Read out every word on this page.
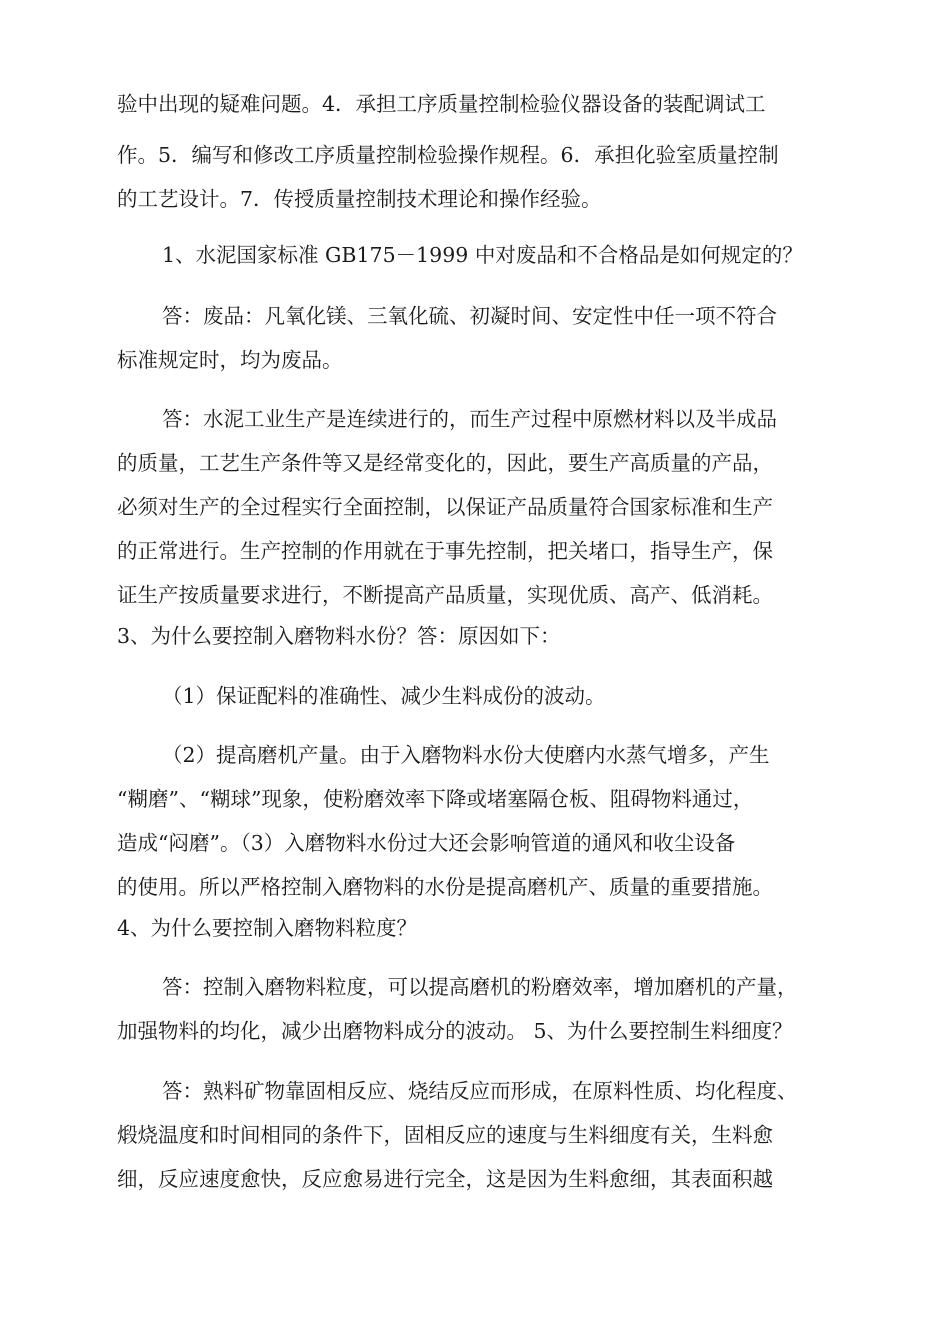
验中出现的疑难问题。4．承担工序质量控制检验仪器设备的装配调试工
作。5．编写和修改工序质量控制检验操作规程。6．承担化验室质量控制
的工艺设计。7．传授质量控制技术理论和操作经验。
1、水泥国家标准 GB175－1999 中对废品和不合格品是如何规定的？
答：废品：凡氧化镁、三氧化硫、初凝时间、安定性中任一项不符合
标准规定时，均为废品。
答：水泥工业生产是连续进行的，而生产过程中原燃材料以及半成品
的质量，工艺生产条件等又是经常变化的，因此，要生产高质量的产品，
必须对生产的全过程实行全面控制，以保证产品质量符合国家标准和生产
的正常进行。生产控制的作用就在于事先控制，把关堵口，指导生产，保
证生产按质量要求进行，不断提高产品质量，实现优质、高产、低消耗。
3、为什么要控制入磨物料水份？答：原因如下：
（1）保证配料的准确性、减少生料成份的波动。
（2）提高磨机产量。由于入磨物料水份大使磨内水蒸气增多，产生
“糊磨”、“糊球”现象，使粉磨效率下降或堵塞隔仓板、阻碍物料通过，
造成“闷磨”。（3）入磨物料水份过大还会影响管道的通风和收尘设备
的使用。所以严格控制入磨物料的水份是提高磨机产、质量的重要措施。
4、为什么要控制入磨物料粒度？
答：控制入磨物料粒度，可以提高磨机的粉磨效率，增加磨机的产量，
加强物料的均化，减少出磨物料成分的波动。 5、为什么要控制生料细度？
答：熟料矿物靠固相反应、烧结反应而形成，在原料性质、均化程度、
煅烧温度和时间相同的条件下，固相反应的速度与生料细度有关，生料愈
细，反应速度愈快，反应愈易进行完全，这是因为生料愈细，其表面积越
